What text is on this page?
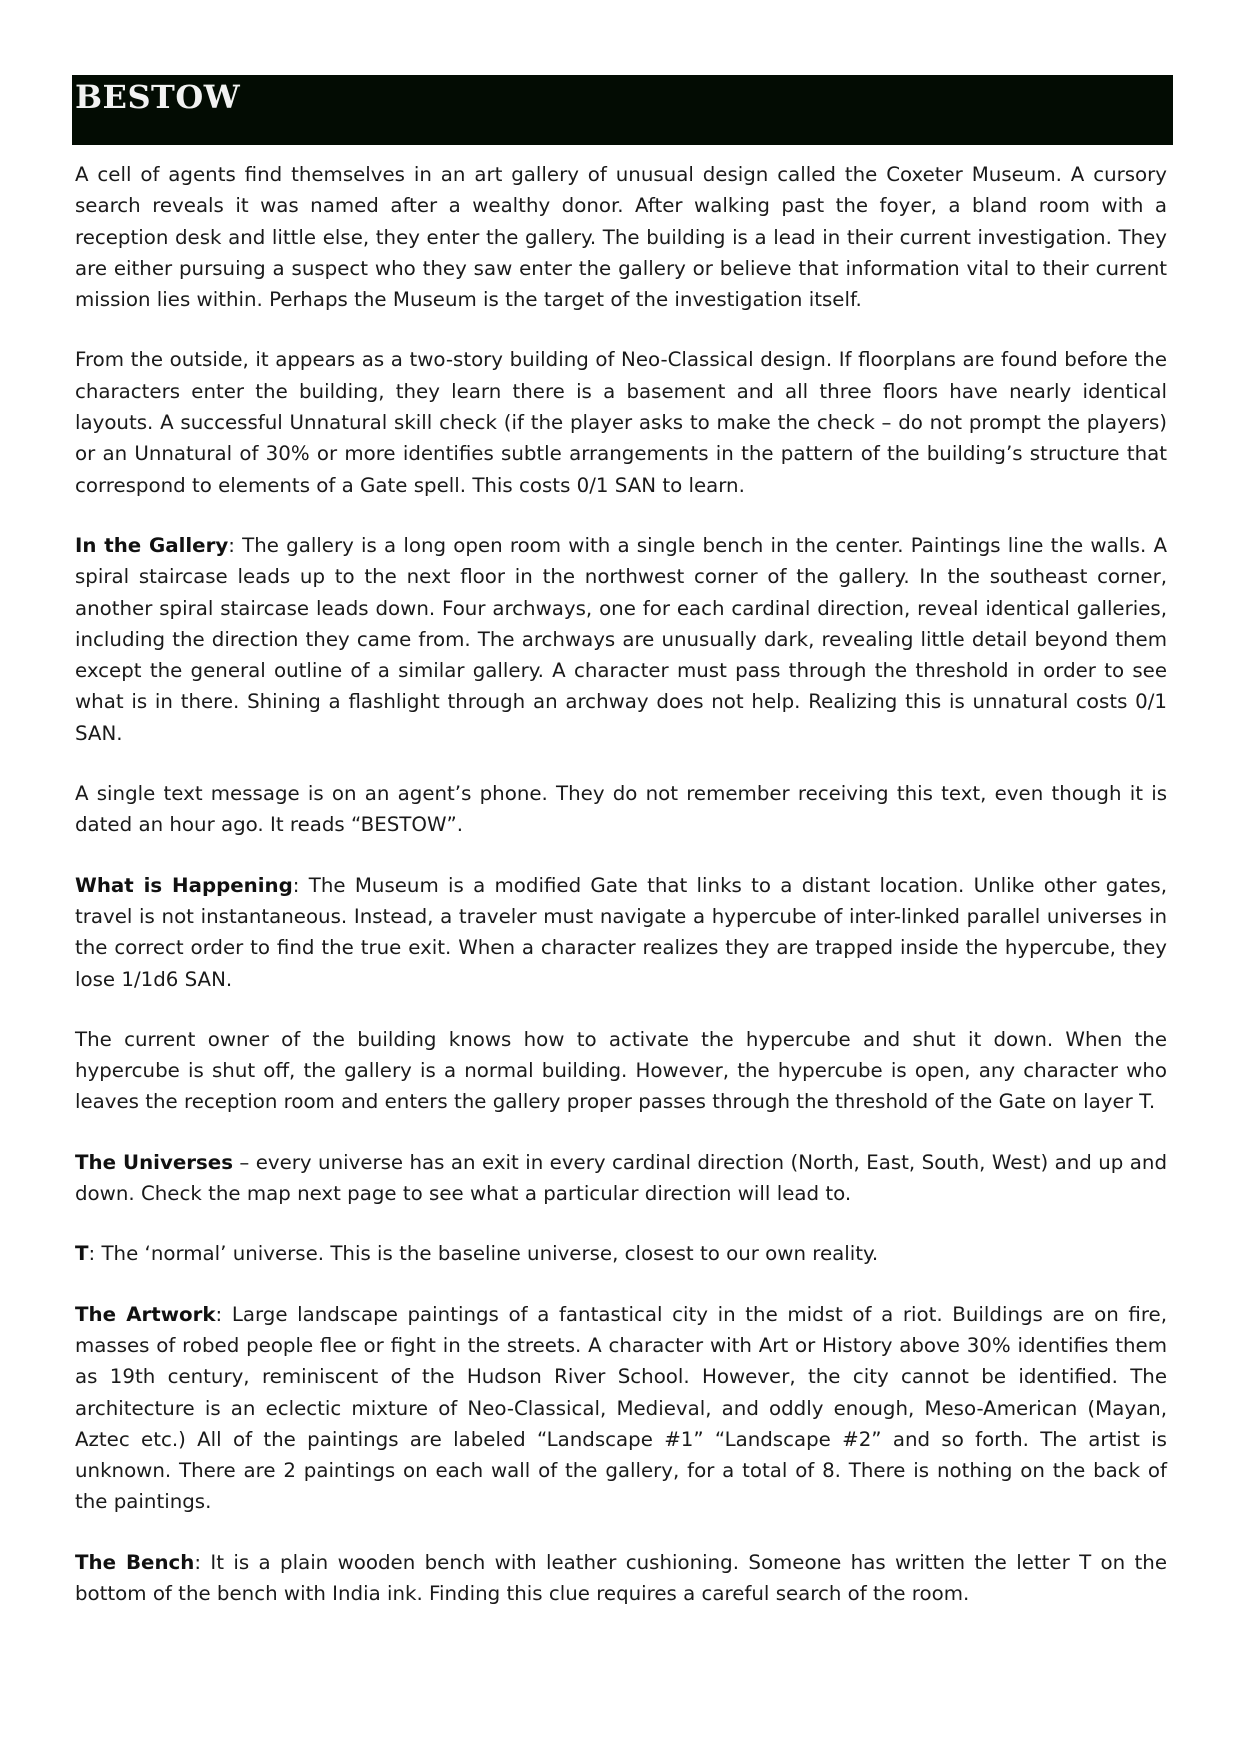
BESTOW

A cell of agents find themselves in an art gallery of unusual design called the Coxeter Museum. A cursory search reveals it was named after a wealthy donor. After walking past the foyer, a bland room with a reception desk and little else, they enter the gallery. The building is a lead in their current investigation. They are either pursuing a suspect who they saw enter the gallery or believe that information vital to their current mission lies within. Perhaps the Museum is the target of the investigation itself.

From the outside, it appears as a two-story building of Neo-Classical design. If floorplans are found before the characters enter the building, they learn there is a basement and all three floors have nearly identical layouts. A successful Unnatural skill check (if the player asks to make the check – do not prompt the players) or an Unnatural of 30% or more identifies subtle arrangements in the pattern of the building’s structure that correspond to elements of a Gate spell. This costs 0/1 SAN to learn.

In the Gallery: The gallery is a long open room with a single bench in the center. Paintings line the walls. A spiral staircase leads up to the next floor in the northwest corner of the gallery. In the southeast corner, another spiral staircase leads down. Four archways, one for each cardinal direction, reveal identical galleries, including the direction they came from. The archways are unusually dark, revealing little detail beyond them except the general outline of a similar gallery. A character must pass through the threshold in order to see what is in there. Shining a flashlight through an archway does not help. Realizing this is unnatural costs 0/1 SAN.

A single text message is on an agent’s phone. They do not remember receiving this text, even though it is dated an hour ago. It reads “BESTOW”.

What is Happening: The Museum is a modified Gate that links to a distant location. Unlike other gates, travel is not instantaneous. Instead, a traveler must navigate a hypercube of inter-linked parallel universes in the correct order to find the true exit. When a character realizes they are trapped inside the hypercube, they lose 1/1d6 SAN.

The current owner of the building knows how to activate the hypercube and shut it down. When the hypercube is shut off, the gallery is a normal building. However, the hypercube is open, any character who leaves the reception room and enters the gallery proper passes through the threshold of the Gate on layer T.

The Universes – every universe has an exit in every cardinal direction (North, East, South, West) and up and down. Check the map next page to see what a particular direction will lead to.

T: The ‘normal’ universe. This is the baseline universe, closest to our own reality.

The Artwork: Large landscape paintings of a fantastical city in the midst of a riot. Buildings are on fire, masses of robed people flee or fight in the streets. A character with Art or History above 30% identifies them as 19th century, reminiscent of the Hudson River School. However, the city cannot be identified. The architecture is an eclectic mixture of Neo-Classical, Medieval, and oddly enough, Meso-American (Mayan, Aztec etc.) All of the paintings are labeled “Landscape #1” “Landscape #2” and so forth. The artist is unknown. There are 2 paintings on each wall of the gallery, for a total of 8. There is nothing on the back of the paintings.

The Bench: It is a plain wooden bench with leather cushioning. Someone has written the letter T on the bottom of the bench with India ink. Finding this clue requires a careful search of the room.
